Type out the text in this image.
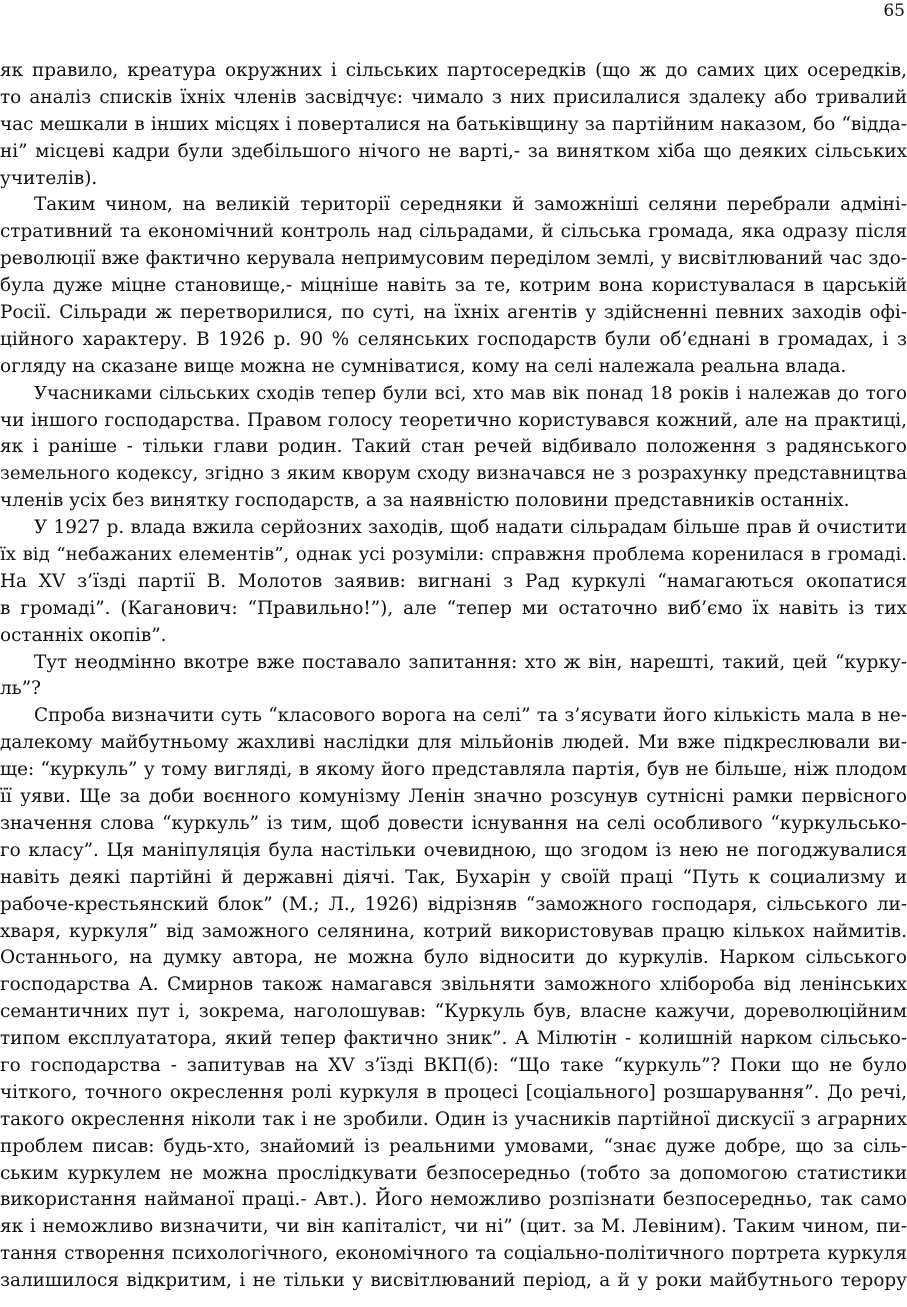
65
як правило, креатура окружних і сільських партосередків (що ж до самих цих осередків,
то аналіз списків їхніх членів засвідчує: чимало з них присилалися здалеку або тривалий
час мешкали в інших місцях і поверталися на батьківщину за партійним наказом, бо “відда-
ні” місцеві кадри були здебільшого нічого не варті,- за винятком хіба що деяких сільських
учителів).
Таким чином, на великій території середняки й заможніші селяни перебрали адміні-
стративний та економічний контроль над сільрадами, й сільська громада, яка одразу після
революції вже фактично керувала непримусовим переділом землі, у висвітлюваний час здо-
була дуже міцне становище,- міцніше навіть за те, котрим вона користувалася в царській
Росії. Сільради ж перетворилися, по суті, на їхніх агентів у здійсненні певних заходів офі-
ційного характеру. В 1926 р. 90 % селянських господарств були об’єднані в громадах, і з
огляду на сказане вище можна не сумніватися, кому на селі належала реальна влада.
Учасниками сільських сходів тепер були всі, хто мав вік понад 18 років і належав до того
чи іншого господарства. Правом голосу теоретично користувався кожний, але на практиці,
як і раніше - тільки глави родин. Такий стан речей відбивало положення з радянського
земельного кодексу, згідно з яким кворум сходу визначався не з розрахунку представництва
членів усіх без винятку господарств, а за наявністю половини представників останніх.
У 1927 р. влада вжила серйозних заходів, щоб надати сільрадам більше прав й очистити
їх від “небажаних елементів”, однак усі розуміли: справжня проблема коренилася в громаді.
На XV з’їзді партії В. Молотов заявив: вигнані з Рад куркулі “намагаються окопатися
в громаді”. (Каганович: “Правильно!”), але “тепер ми остаточно виб’ємо їх навіть із тих
останніх окопів”.
Тут неодмінно вкотре вже поставало запитання: хто ж він, нарешті, такий, цей “курку-
ль”?
Спроба визначити суть “класового ворога на селі” та з’ясувати його кількість мала в не-
далекому майбутньому жахливі наслідки для мільйонів людей. Ми вже підкреслювали ви-
ще: “куркуль” у тому вигляді, в якому його представляла партія, був не більше, ніж плодом
її уяви. Ще за доби воєнного комунізму Ленін значно розсунув сутнісні рамки первісного
значення слова “куркуль” із тим, щоб довести існування на селі особливого “куркульсько-
го класу”. Ця маніпуляція була настільки очевидною, що згодом із нею не погоджувалися
навіть деякі партійні й державні діячі. Так, Бухарін у своїй праці “Путь к социализму и
рабоче-крестьянский блок” (М.; Л., 1926) відрізняв “заможного господаря, сільського ли-
хваря, куркуля” від заможного селянина, котрий використовував працю кількох наймитів.
Останнього, на думку автора, не можна було відносити до куркулів. Нарком сільського
господарства А. Смирнов також намагався звільняти заможного хлібороба від ленінських
семантичних пут і, зокрема, наголошував: “Куркуль був, власне кажучи, дореволюційним
типом експлуататора, який тепер фактично зник”. А Мілютін - колишній нарком сільсько-
го господарства - запитував на XV з’їзді ВКП(б): “Що таке “куркуль”? Поки що не було
чіткого, точного окреслення ролі куркуля в процесі [соціального] розшарування”. До речі,
такого окреслення ніколи так і не зробили. Один із учасників партійної дискусії з аграрних
проблем писав: будь-хто, знайомий із реальними умовами, “знає дуже добре, що за сіль-
ським куркулем не можна прослідкувати безпосередньо (тобто за допомогою статистики
використання найманої праці.- Авт.). Його неможливо розпізнати безпосередньо, так само
як і неможливо визначити, чи він капіталіст, чи ні” (цит. за М. Левіним). Таким чином, пи-
тання створення психологічного, економічного та соціально-політичного портрета куркуля
залишилося відкритим, і не тільки у висвітлюваний період, а й у роки майбутнього терору
